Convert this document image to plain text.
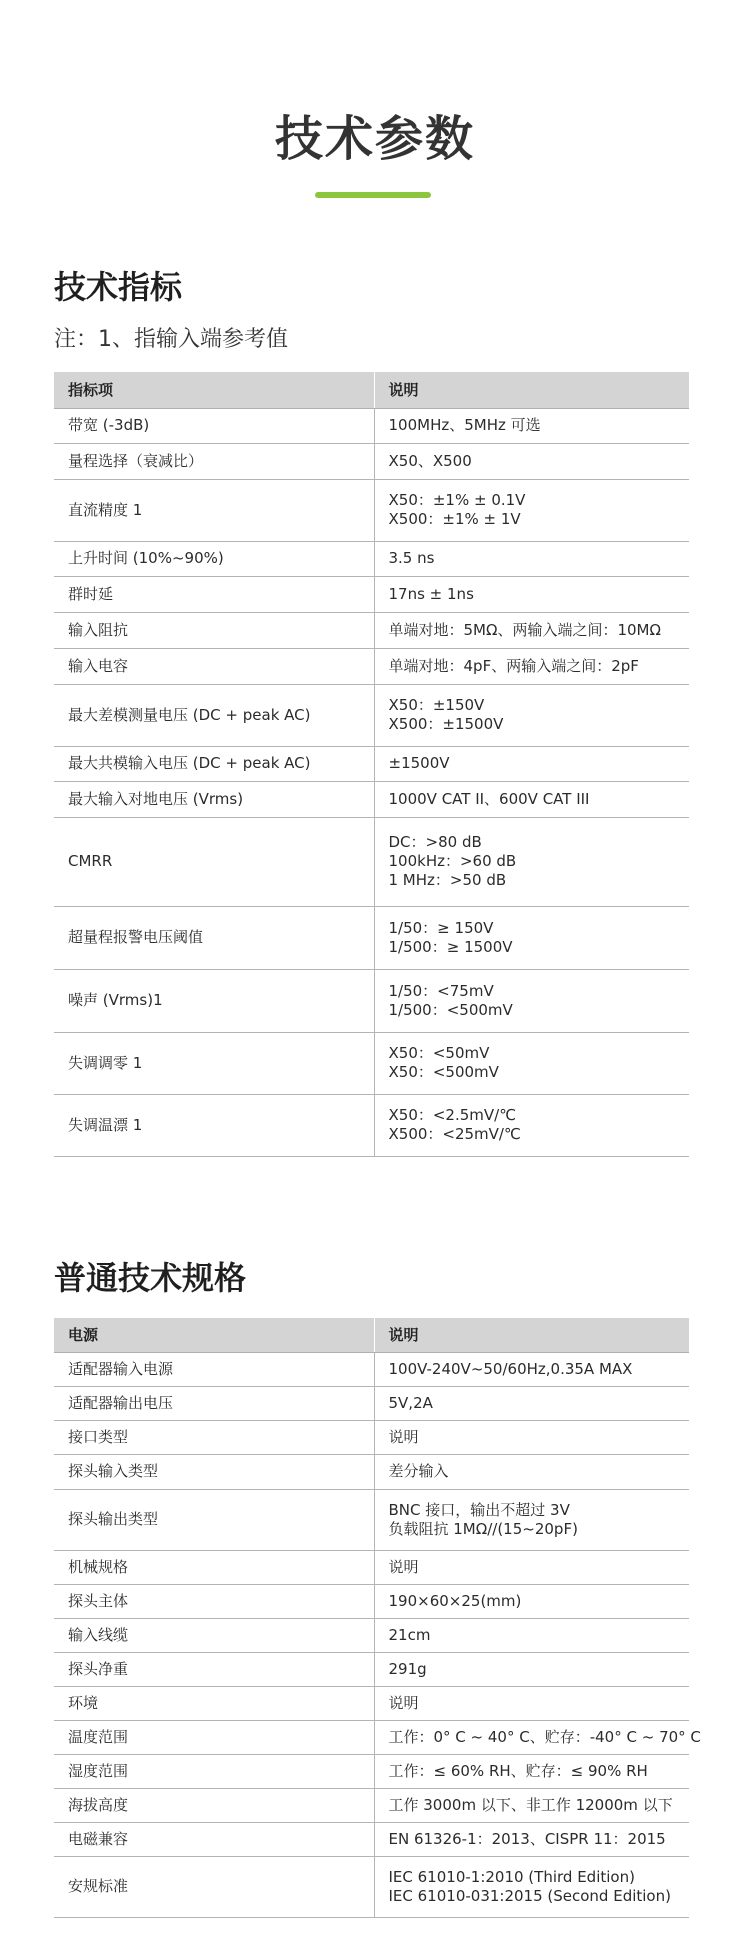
技术参数
技术指标
注：1、指输入端参考值
指标项	说明
带宽 (-3dB)	100MHz、5MHz 可选

量程选择（衰减比）	X50、X500

直流精度 1	X50：±1% ± 0.1V
X500：±1% ± 1V

上升时间 (10%~90%)	3.5 ns

群时延	17ns ± 1ns

输入阻抗	单端对地：5MΩ、两输入端之间：10MΩ

输入电容	单端对地：4pF、两输入端之间：2pF

最大差模测量电压 (DC + peak AC)	X50：±150V
X500：±1500V

最大共模输入电压 (DC + peak AC)	±1500V

最大输入对地电压 (Vrms)	1000V CAT II、600V CAT III

CMRR	DC：>80 dB
100kHz：>60 dB
1 MHz：>50 dB

超量程报警电压阈值	1/50：≥ 150V
1/500：≥ 1500V

噪声 (Vrms)1	1/50：<75mV
1/500：<500mV

失调调零 1	X50：<50mV
X50：<500mV

失调温漂 1	X50：<2.5mV/℃
X500：<25mV/℃
普通技术规格
电源	说明
适配器输入电源	100V-240V~50/60Hz,0.35A MAX

适配器输出电压	5V,2A

接口类型	说明

探头输入类型	差分输入

探头输出类型	BNC 接口，输出不超过 3V
负载阻抗 1MΩ//(15~20pF)

机械规格	说明

探头主体	190×60×25(mm)

输入线缆	21cm

探头净重	291g

环境	说明

温度范围	工作：0° C ~ 40° C、贮存：-40° C ~ 70° C

湿度范围	工作：≤ 60% RH、贮存：≤ 90% RH

海拔高度	工作 3000m 以下、非工作 12000m 以下

电磁兼容	EN 61326-1：2013、CISPR 11：2015

安规标准	IEC 61010-1:2010 (Third Edition)
IEC 61010-031:2015 (Second Edition)
